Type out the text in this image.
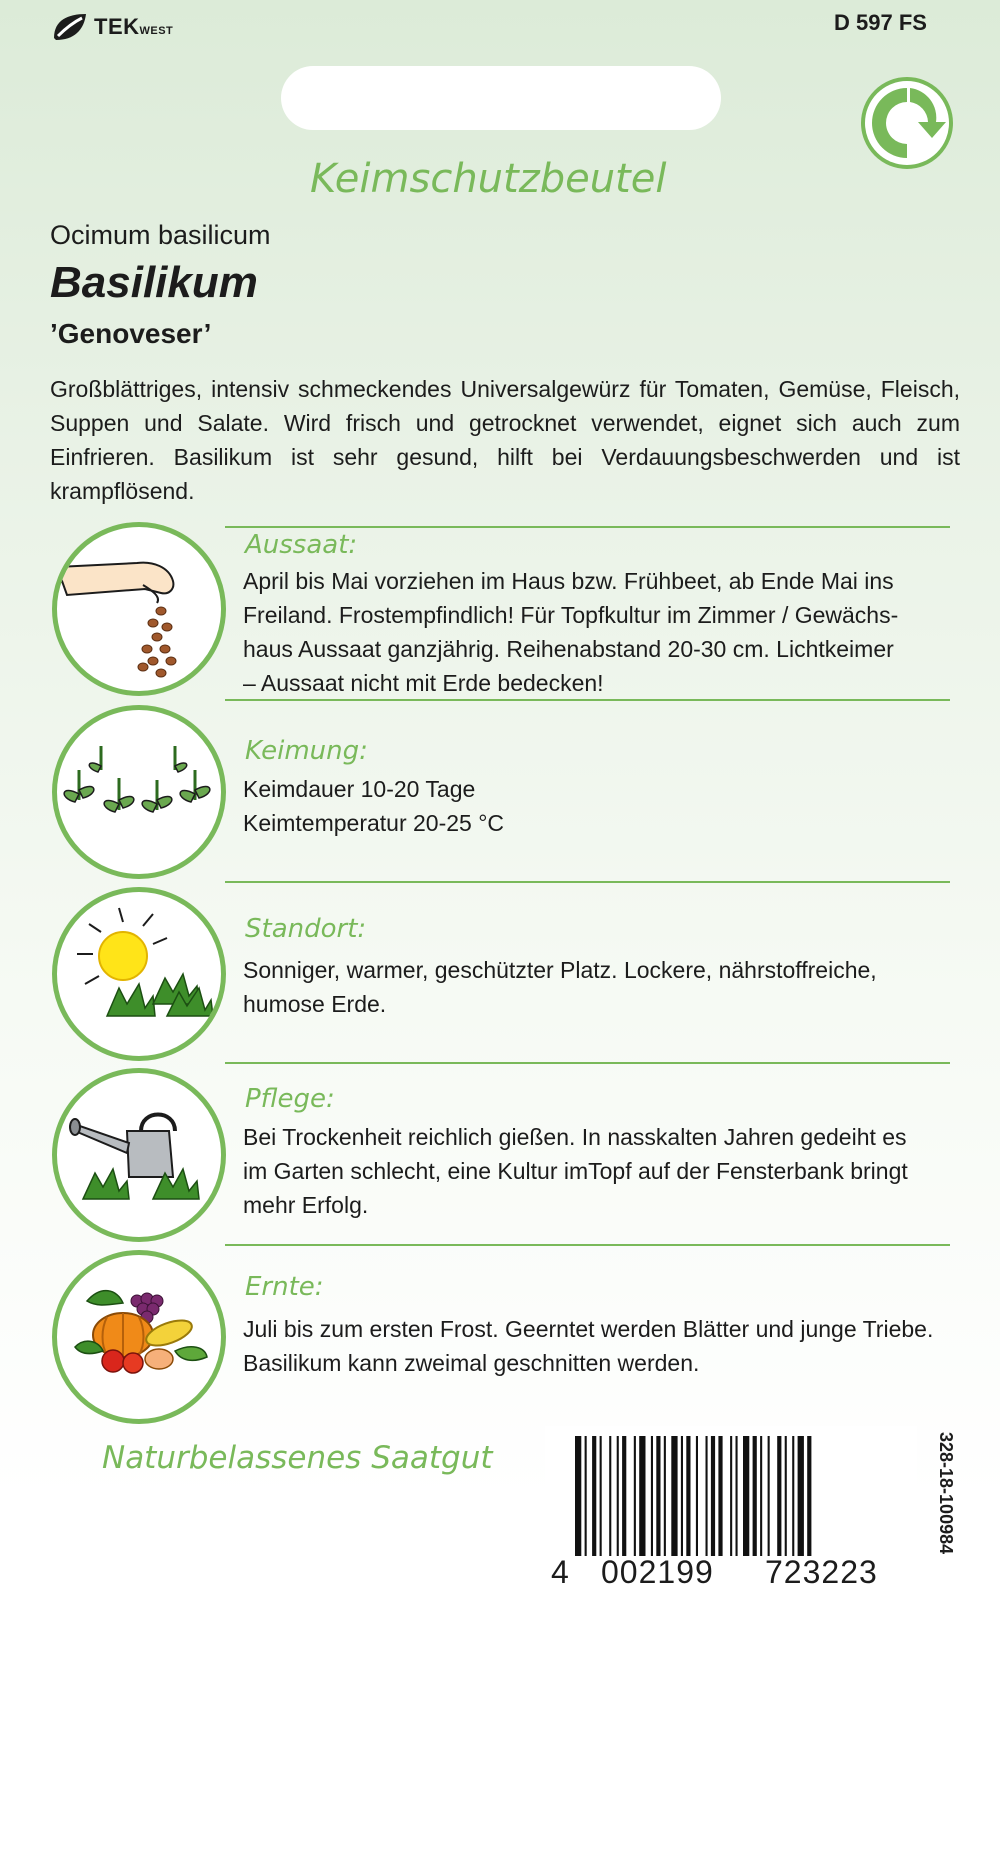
TEKWEST	D 597 FS
Keimschutzbeutel
Ocimum basilicum
Basilikum
’Genoveser’
Großblättriges, intensiv schmeckendes Universalgewürz für Tomaten, Gemüse, Fleisch, Suppen und Salate. Wird frisch und getrocknet verwendet, eignet sich auch zum Einfrieren. Basilikum ist sehr gesund, hilft bei Verdauungsbeschwerden und ist krampflösend.
Aussaat:
April bis Mai vorziehen im Haus bzw. Frühbeet, ab Ende Mai ins
Freiland. Frostempfindlich! Für Topfkultur im Zimmer / Gewächs-
haus Aussaat ganzjährig. Reihenabstand 20-30 cm. Lichtkeimer
– Aussaat nicht mit Erde bedecken!
Keimung:
Keimdauer 10-20 Tage
Keimtemperatur 20-25 °C
Standort:
Sonniger, warmer, geschützter Platz. Lockere, nährstoffreiche,
humose Erde.
Pflege:
Bei Trockenheit reichlich gießen. In nasskalten Jahren gedeiht es
im Garten schlecht, eine Kultur imTopf auf der Fensterbank bringt
mehr Erfolg.
Ernte:
Juli bis zum ersten Frost. Geerntet werden Blätter und junge Triebe.
Basilikum kann zweimal geschnitten werden.
Naturbelassenes Saatgut
4 002199 723223
328-18-100984
